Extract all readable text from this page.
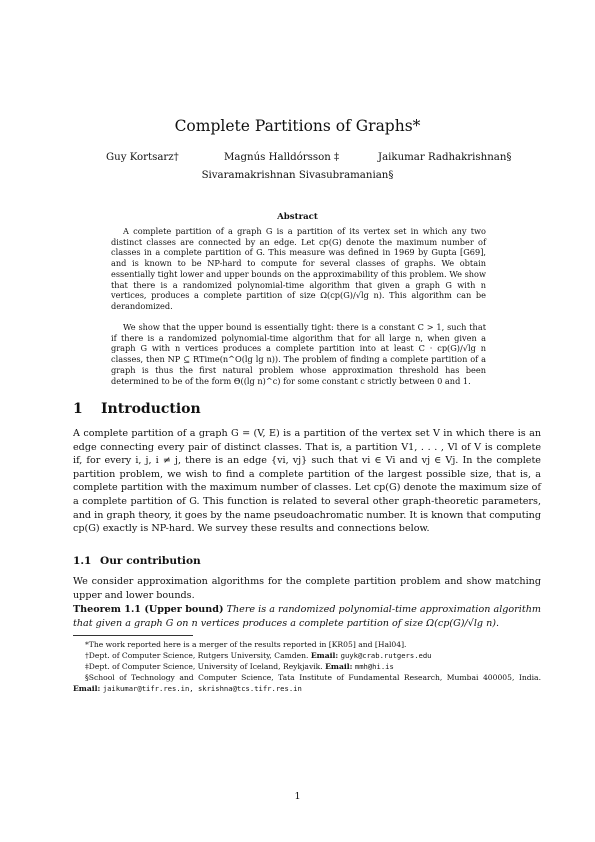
Complete Partitions of Graphs*
Guy Kortsarz†	Magnús Halldórsson ‡	Jaikumar Radhakrishnan§
Sivaramakrishnan Sivasubramanian§
Abstract
A complete partition of a graph G is a partition of its vertex set in which any two distinct classes are connected by an edge. Let cp(G) denote the maximum number of classes in a complete partition of G. This measure was defined in 1969 by Gupta [G69], and is known to be NP-hard to compute for several classes of graphs. We obtain essentially tight lower and upper bounds on the approximability of this problem. We show that there is a randomized polynomial-time algorithm that given a graph G with n vertices, produces a complete partition of size Ω(cp(G)/√lg n). This algorithm can be derandomized.
We show that the upper bound is essentially tight: there is a constant C > 1, such that if there is a randomized polynomial-time algorithm that for all large n, when given a graph G with n vertices produces a complete partition into at least C · cp(G)/√lg n classes, then NP ⊆ RTime(n^O(lg lg n)). The problem of finding a complete partition of a graph is thus the first natural problem whose approximation threshold has been determined to be of the form Θ((lg n)^c) for some constant c strictly between 0 and 1.
1 Introduction
A complete partition of a graph G = (V, E) is a partition of the vertex set V in which there is an edge connecting every pair of distinct classes. That is, a partition V1, . . . , Vl of V is complete if, for every i, j, i ≠ j, there is an edge {vi, vj} such that vi ∈ Vi and vj ∈ Vj. In the complete partition problem, we wish to find a complete partition of the largest possible size, that is, a complete partition with the maximum number of classes. Let cp(G) denote the maximum size of a complete partition of G. This function is related to several other graph-theoretic parameters, and in graph theory, it goes by the name pseudoachromatic number. It is known that computing cp(G) exactly is NP-hard. We survey these results and connections below.
1.1 Our contribution
We consider approximation algorithms for the complete partition problem and show matching upper and lower bounds.
Theorem 1.1 (Upper bound) There is a randomized polynomial-time approximation algorithm that given a graph G on n vertices produces a complete partition of size Ω(cp(G)/√lg n).
*The work reported here is a merger of the results reported in [KR05] and [Hal04].
†Dept. of Computer Science, Rutgers University, Camden. Email: guyk@crab.rutgers.edu
‡Dept. of Computer Science, University of Iceland, Reykjavik. Email: mmh@hi.is
§School of Technology and Computer Science, Tata Institute of Fundamental Research, Mumbai 400005, India. Email: jaikumar@tifr.res.in, skrishna@tcs.tifr.res.in
1
